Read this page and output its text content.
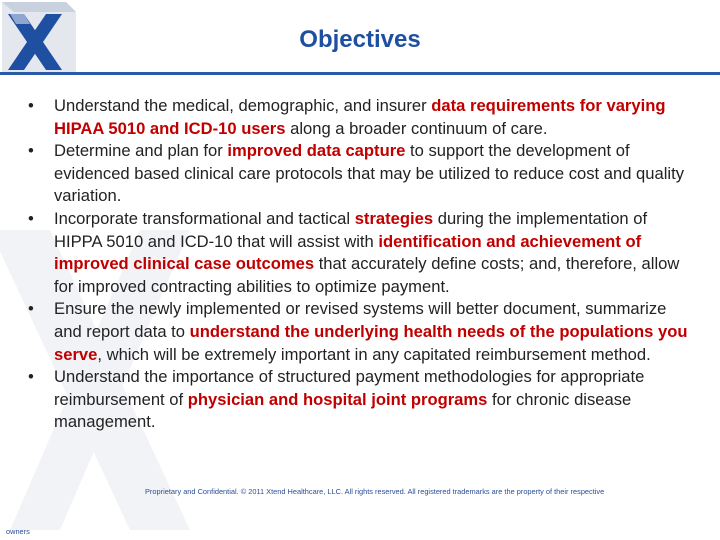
Objectives
• Understand the medical, demographic, and insurer data requirements for varying HIPAA 5010 and ICD-10 users along a broader continuum of care.
• Determine and plan for improved data capture to support the development of evidenced based clinical care protocols that may be utilized to reduce cost and quality variation.
• Incorporate transformational and tactical strategies during the implementation of HIPPA 5010 and ICD-10 that will assist with identification and achievement of improved clinical case outcomes that accurately define costs; and, therefore, allow for improved contracting abilities to optimize payment.
• Ensure the newly implemented or revised systems will better document, summarize and report data to understand the underlying health needs of the populations you serve, which will be extremely important in any capitated reimbursement method.
• Understand the importance of structured payment methodologies for appropriate reimbursement of physician and hospital joint programs for chronic disease management.
Proprietary and Confidential. © 2011 Xtend Healthcare, LLC. All rights reserved. All registered trademarks are the property of their respective
owners
